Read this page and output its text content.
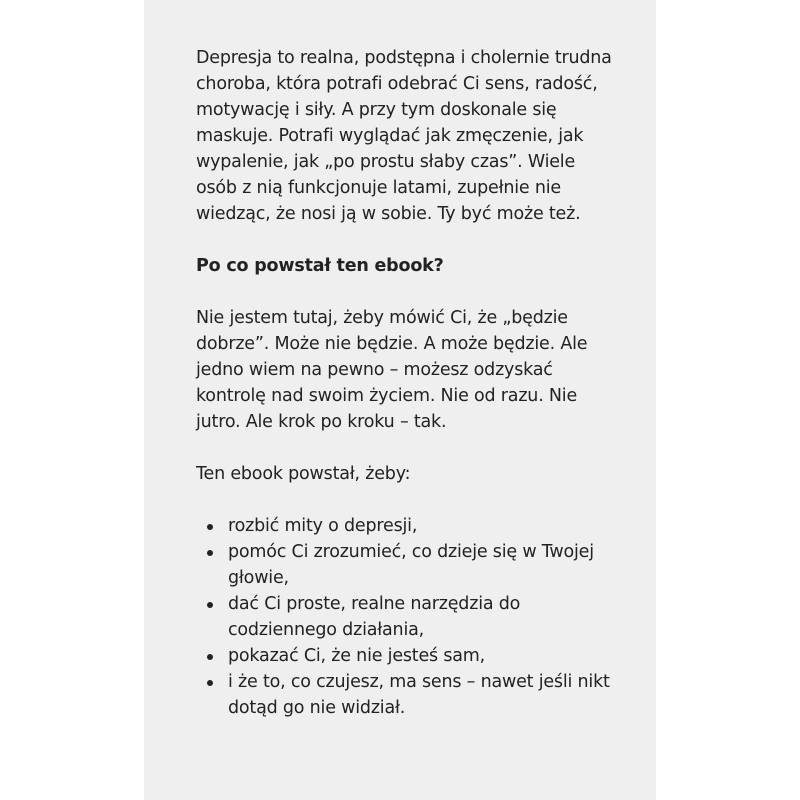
Depresja to realna, podstępna i cholernie trudna choroba, która potrafi odebrać Ci sens, radość, motywację i siły. A przy tym doskonale się maskuje. Potrafi wyglądać jak zmęczenie, jak wypalenie, jak „po prostu słaby czas”. Wiele osób z nią funkcjonuje latami, zupełnie nie wiedząc, że nosi ją w sobie. Ty być może też.

Po co powstał ten ebook?

Nie jestem tutaj, żeby mówić Ci, że „będzie dobrze”. Może nie będzie. A może będzie. Ale jedno wiem na pewno – możesz odzyskać kontrolę nad swoim życiem. Nie od razu. Nie jutro. Ale krok po kroku – tak.

Ten ebook powstał, żeby:

rozbić mity o depresji,
pomóc Ci zrozumieć, co dzieje się w Twojej głowie,
dać Ci proste, realne narzędzia do codziennego działania,
pokazać Ci, że nie jesteś sam,
i że to, co czujesz, ma sens – nawet jeśli nikt dotąd go nie widział.
